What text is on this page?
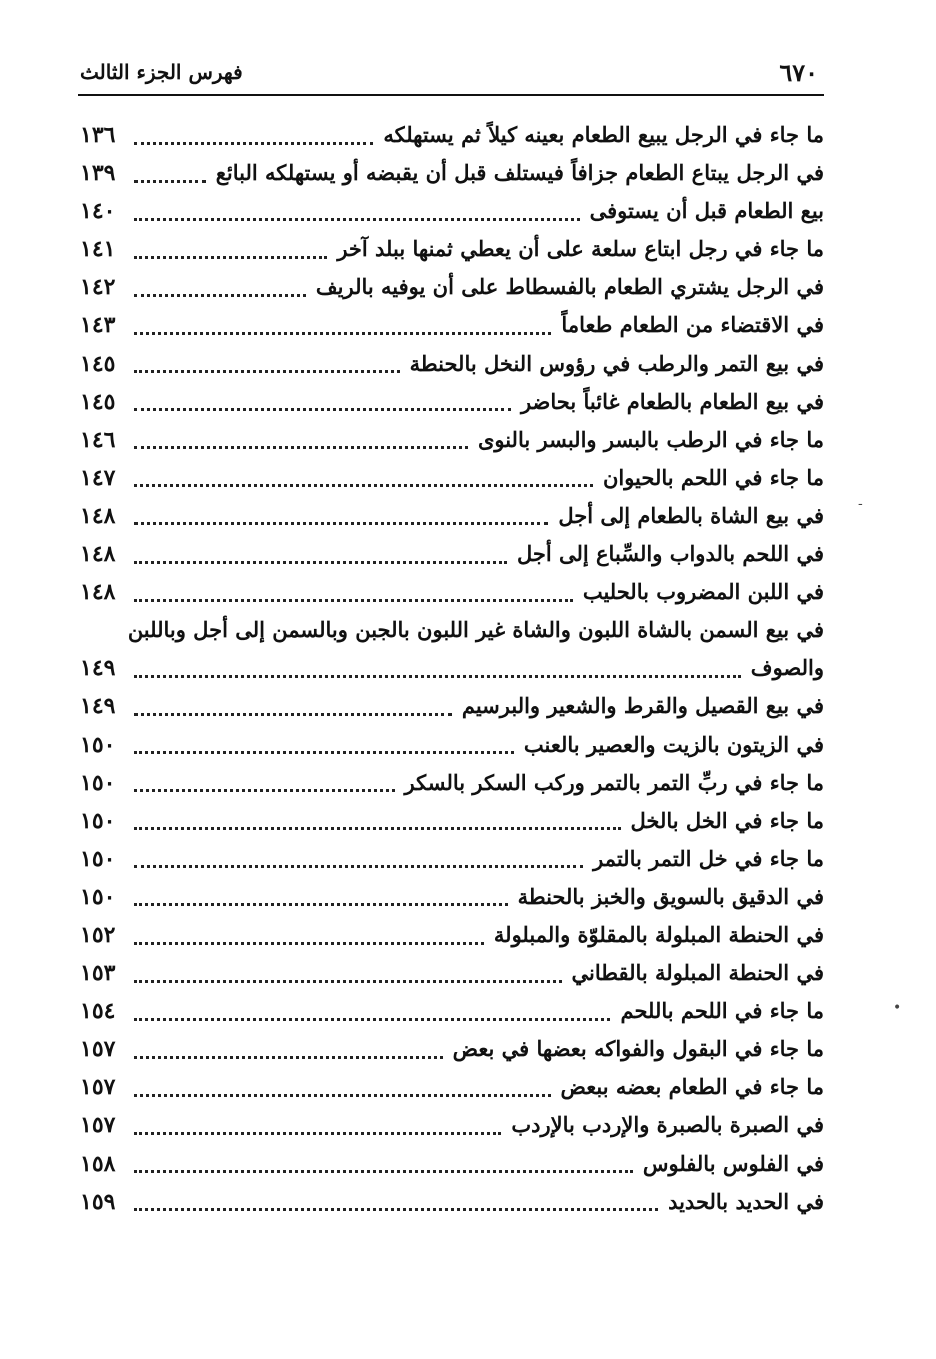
٦٧٠
فهرس الجزء الثالث
ما جاء في الرجل يبيع الطعام بعينه كيلاً ثم يستهلكه
١٣٦
في الرجل يبتاع الطعام جزافاً فيستلف قبل أن يقبضه أو يستهلكه البائع
١٣٩
بيع الطعام قبل أن يستوفى
١٤٠
ما جاء في رجل ابتاع سلعة على أن يعطي ثمنها ببلد آخر
١٤١
في الرجل يشتري الطعام بالفسطاط على أن يوفيه بالريف
١٤٢
في الاقتضاء من الطعام طعاماً
١٤٣
في بيع التمر والرطب في رؤوس النخل بالحنطة
١٤٥
في بيع الطعام بالطعام غائباً بحاضر
١٤٥
ما جاء في الرطب بالبسر والبسر بالنوى
١٤٦
ما جاء في اللحم بالحيوان
١٤٧
في بيع الشاة بالطعام إلى أجل
١٤٨
في اللحم بالدواب والسِّباع إلى أجل
١٤٨
في اللبن المضروب بالحليب
١٤٨
في بيع السمن بالشاة اللبون والشاة غير اللبون بالجبن وبالسمن إلى أجل وباللبن
والصوف
١٤٩
في بيع القصيل والقرط والشعير والبرسيم
١٤٩
في الزيتون بالزيت والعصير بالعنب
١٥٠
ما جاء في ربِّ التمر بالتمر وركب السكر بالسكر
١٥٠
ما جاء في الخل بالخل
١٥٠
ما جاء في خل التمر بالتمر
١٥٠
في الدقيق بالسويق والخبز بالحنطة
١٥٠
في الحنطة المبلولة بالمقلوّة والمبلولة
١٥٢
في الحنطة المبلولة بالقطاني
١٥٣
ما جاء في اللحم باللحم
١٥٤
ما جاء في البقول والفواكه بعضها في بعض
١٥٧
ما جاء في الطعام بعضه ببعض
١٥٧
في الصبرة بالصبرة والإردب بالإردب
١٥٧
في الفلوس بالفلوس
١٥٨
في الحديد بالحديد
١٥٩
-
•
